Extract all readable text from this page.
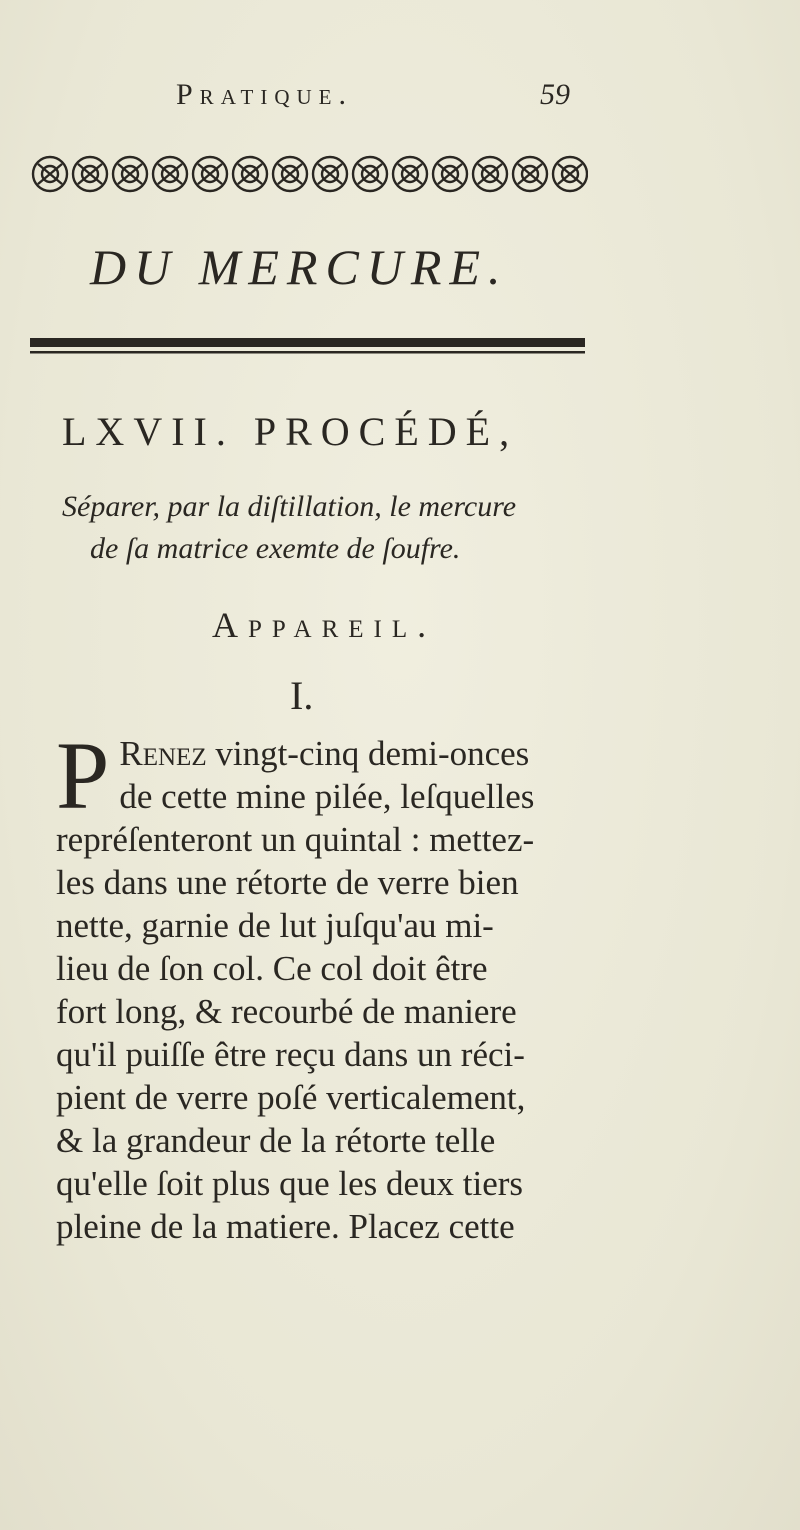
Pratique.	59
DU MERCURE.
LXVII. PROCÉDÉ,
Séparer, par la diſtillation, le mercure
de ſa matrice exemte de ſoufre.
Appareil.
I.
P Renez vingt-cinq demi-onces
de cette mine pilée, leſquelles
repréſenteront un quintal : mettez-
les dans une rétorte de verre bien
nette, garnie de lut juſqu'au mi-
lieu de ſon col. Ce col doit être
fort long, & recourbé de maniere
qu'il puiſſe être reçu dans un réci-
pient de verre poſé verticalement,
& la grandeur de la rétorte telle
qu'elle ſoit plus que les deux tiers
pleine de la matiere. Placez cette
